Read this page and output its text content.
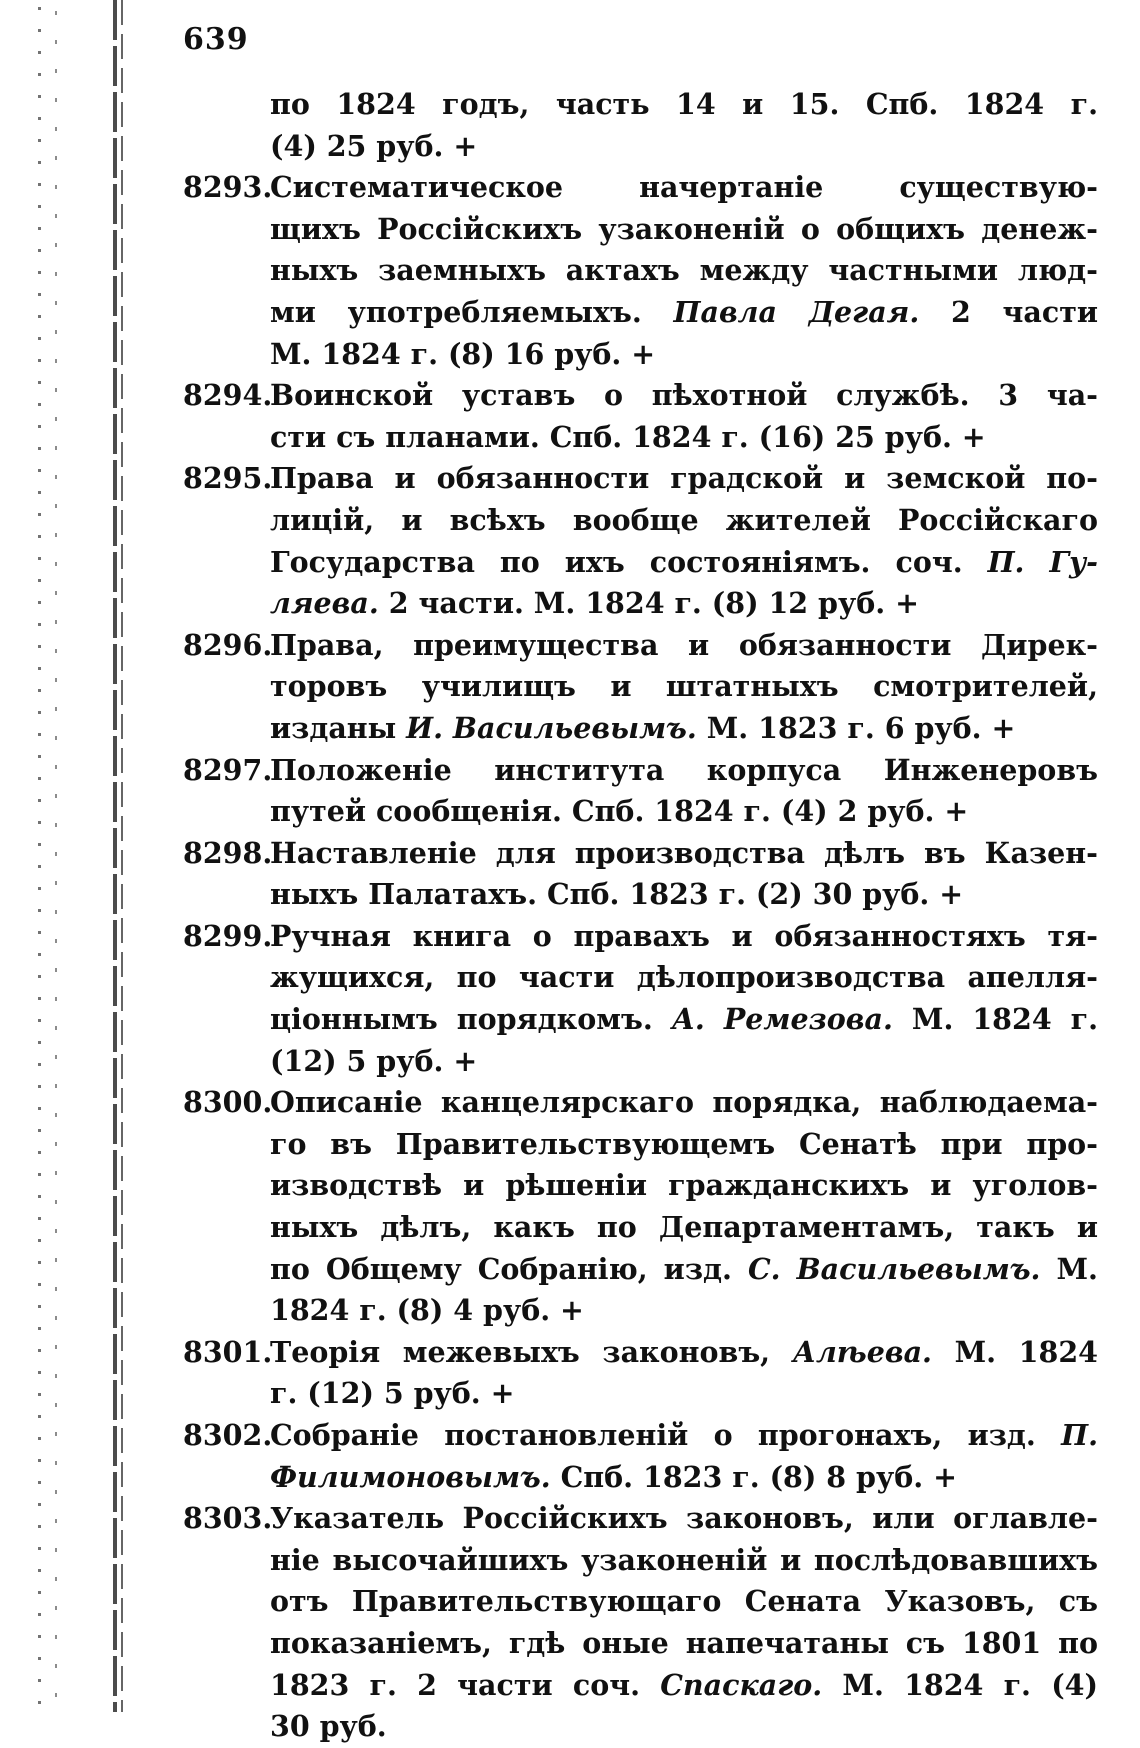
639
по 1824 годъ, часть 14 и 15. Спб. 1824 г.
(4) 25 руб. +
8293.
Систематическое начертаніе существую-
щихъ Россійскихъ узаконеній о общихъ денеж-
ныхъ заемныхъ актахъ между частными люд-
ми употребляемыхъ. Павла Дегая. 2 части
М. 1824 г. (8) 16 руб. +
8294.
Воинской уставъ о пѣхотной службѣ. 3 ча-
сти съ планами. Спб. 1824 г. (16) 25 руб. +
8295.
Права и обязанности градской и земской по-
лицій, и всѣхъ вообще жителей Россійскаго
Государства по ихъ состояніямъ. соч. П. Гу-
ляева. 2 части. М. 1824 г. (8) 12 руб. +
8296.
Права, преимущества и обязанности Дирек-
торовъ училищъ и штатныхъ смотрителей,
изданы И. Васильевымъ. М. 1823 г. 6 руб. +
8297.
Положеніе института корпуса Инженеровъ
путей сообщенія. Спб. 1824 г. (4) 2 руб. +
8298.
Наставленіе для производства дѣлъ въ Казен-
ныхъ Палатахъ. Спб. 1823 г. (2) 30 руб. +
8299.
Ручная книга о правахъ и обязанностяхъ тя-
жущихся, по части дѣлопроизводства апелля-
ціоннымъ порядкомъ. А. Ремезова. М. 1824 г.
(12) 5 руб. +
8300.
Описаніе канцелярскаго порядка, наблюдаема-
го въ Правительствующемъ Сенатѣ при про-
изводствѣ и рѣшеніи гражданскихъ и уголов-
ныхъ дѣлъ, какъ по Департаментамъ, такъ и
по Общему Собранію, изд. С. Васильевымъ. М.
1824 г. (8) 4 руб. +
8301.
Теорія межевыхъ законовъ, Алѣева. М. 1824
г. (12) 5 руб. +
8302.
Собраніе постановленій о прогонахъ, изд. П.
Филимоновымъ. Спб. 1823 г. (8) 8 руб. +
8303.
Указатель Россійскихъ законовъ, или оглавле-
ніе высочайшихъ узаконеній и послѣдовавшихъ
отъ Правительствующаго Сената Указовъ, съ
показаніемъ, гдѣ оные напечатаны съ 1801 по
1823 г. 2 части соч. Спаскаго. М. 1824 г. (4)
30 руб.
